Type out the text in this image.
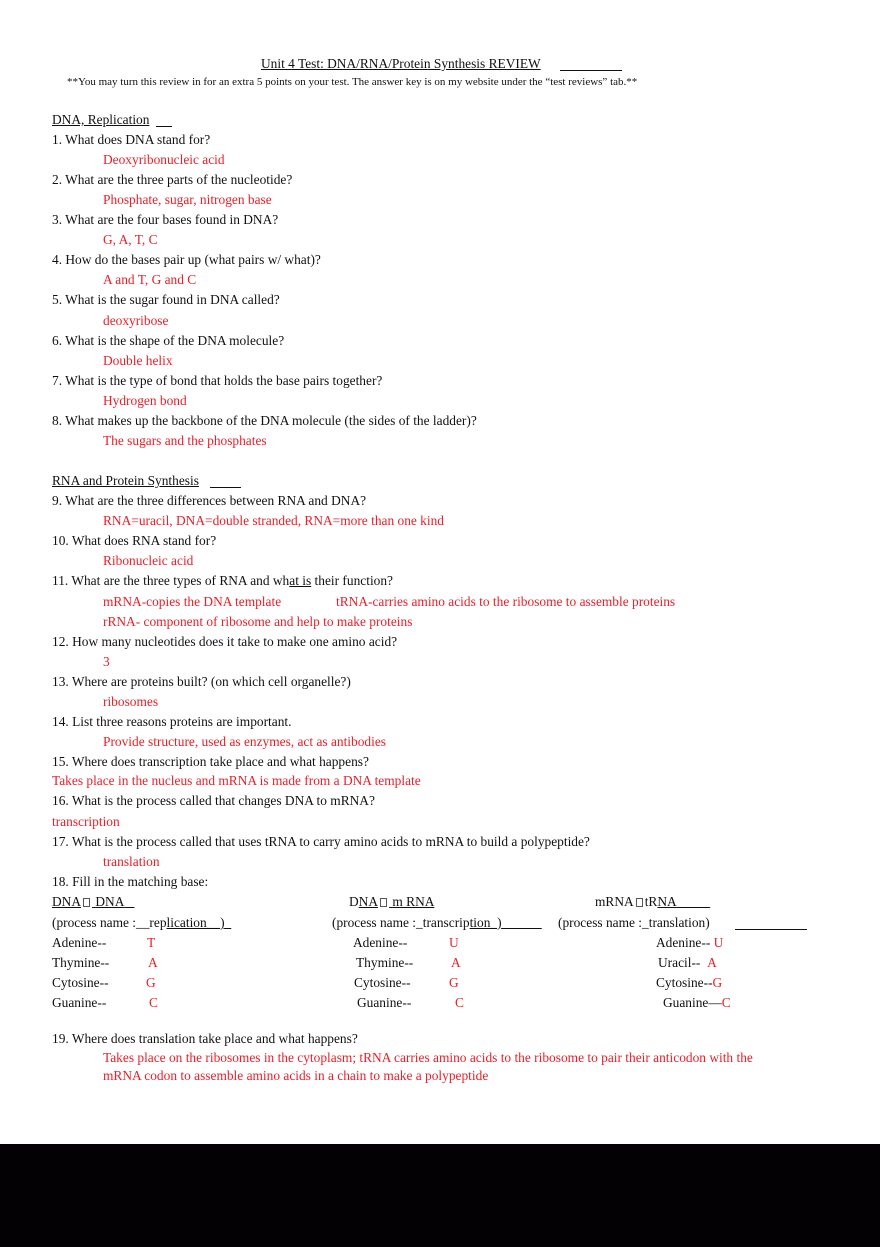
Unit 4 Test: DNA/RNA/Protein Synthesis REVIEW
**You may turn this review in for an extra 5 points on your test. The answer key is on my website under the “test reviews” tab.**
DNA, Replication
1. What does DNA stand for?
Deoxyribonucleic acid
2. What are the three parts of the nucleotide?
Phosphate, sugar, nitrogen base
3. What are the four bases found in DNA?
G, A, T, C
4. How do the bases pair up (what pairs w/ what)?
A and T, G and C
5. What is the sugar found in DNA called?
deoxyribose
6. What is the shape of the DNA molecule?
Double helix
7. What is the type of bond that holds the base pairs together?
Hydrogen bond
8. What makes up the backbone of the DNA molecule (the sides of the ladder)?
The sugars and the phosphates
RNA and Protein Synthesis
9. What are the three differences between RNA and DNA?
RNA=uracil, DNA=double stranded, RNA=more than one kind
10. What does RNA stand for?
Ribonucleic acid
11. What are the three types of RNA and what is their function?
mRNA-copies the DNA template	tRNA-carries amino acids to the ribosome to assemble proteins
rRNA- component of ribosome and help to make proteins
12. How many nucleotides does it take to make one amino acid?
3
13. Where are proteins built? (on which cell organelle?)
ribosomes
14. List three reasons proteins are important.
Provide structure, used as enzymes, act as antibodies
15. Where does transcription take place and what happens?
Takes place in the nucleus and mRNA is made from a DNA template
16. What is the process called that changes DNA to mRNA?
transcription
17. What is the process called that uses tRNA to carry amino acids to mRNA to build a polypeptide?
translation
18. Fill in the matching base:
DNA DNA
(process name :__replication__)
Adenine--	T
Thymine--	A
Cytosine--	G
Guanine--	C
DNA m RNA
(process name :_transcription_)
Adenine--	U
Thymine--	A
Cytosine--	G
Guanine--	C
mRNA tRNA
(process name :_translation)
Adenine-- U
Uracil--  A
Cytosine--G
Guanine—C
19. Where does translation take place and what happens?
Takes place on the ribosomes in the cytoplasm; tRNA carries amino acids to the ribosome to pair their anticodon with the
mRNA codon to assemble amino acids in a chain to make a polypeptide
